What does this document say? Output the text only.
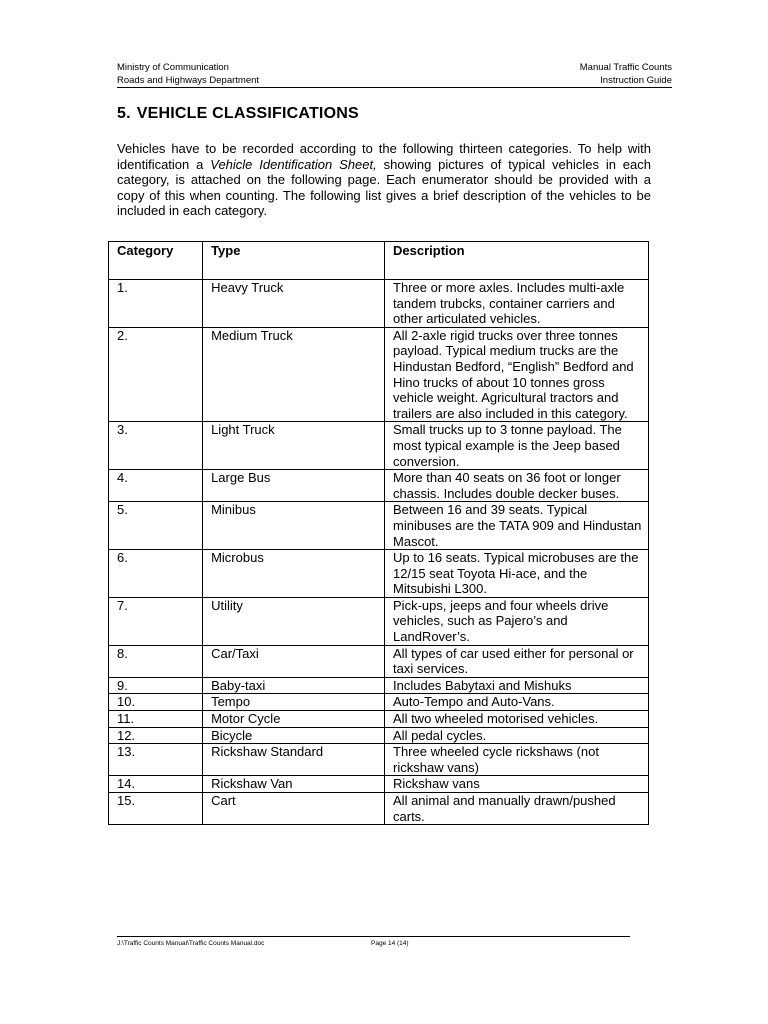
Ministry of Communication
Roads and Highways Department
Manual Traffic Counts
Instruction Guide
5. VEHICLE CLASSIFICATIONS

Vehicles have to be recorded according to the following thirteen categories. To help with identification a Vehicle Identification Sheet, showing pictures of typical vehicles in each category, is attached on the following page. Each enumerator should be provided with a copy of this when counting. The following list gives a brief description of the vehicles to be included in each category.

Category	Type	Description
1.	Heavy Truck	Three or more axles. Includes multi-axle tandem trubcks, container carriers and other articulated vehicles.
2.	Medium Truck	All 2-axle rigid trucks over three tonnes payload. Typical medium trucks are the Hindustan Bedford, “English” Bedford and Hino trucks of about 10 tonnes gross vehicle weight. Agricultural tractors and trailers are also included in this category.
3.	Light Truck	Small trucks up to 3 tonne payload. The most typical example is the Jeep based conversion.
4.	Large Bus	More than 40 seats on 36 foot or longer chassis. Includes double decker buses.
5.	Minibus	Between 16 and 39 seats. Typical minibuses are the TATA 909 and Hindustan Mascot.
6.	Microbus	Up to 16 seats. Typical microbuses are the 12/15 seat Toyota Hi-ace, and the Mitsubishi L300.
7.	Utility	Pick-ups, jeeps and four wheels drive vehicles, such as Pajero’s and LandRover’s.
8.	Car/Taxi	All types of car used either for personal or taxi services.
9.	Baby-taxi	Includes Babytaxi and Mishuks
10.	Tempo	Auto-Tempo and Auto-Vans.
11.	Motor Cycle	All two wheeled motorised vehicles.
12.	Bicycle	All pedal cycles.
13.	Rickshaw Standard	Three wheeled cycle rickshaws (not rickshaw vans)
14.	Rickshaw Van	Rickshaw vans
15.	Cart	All animal and manually drawn/pushed carts.
J:\Traffic Counts Manual\Traffic Counts Manual.doc	Page 14 (14)
